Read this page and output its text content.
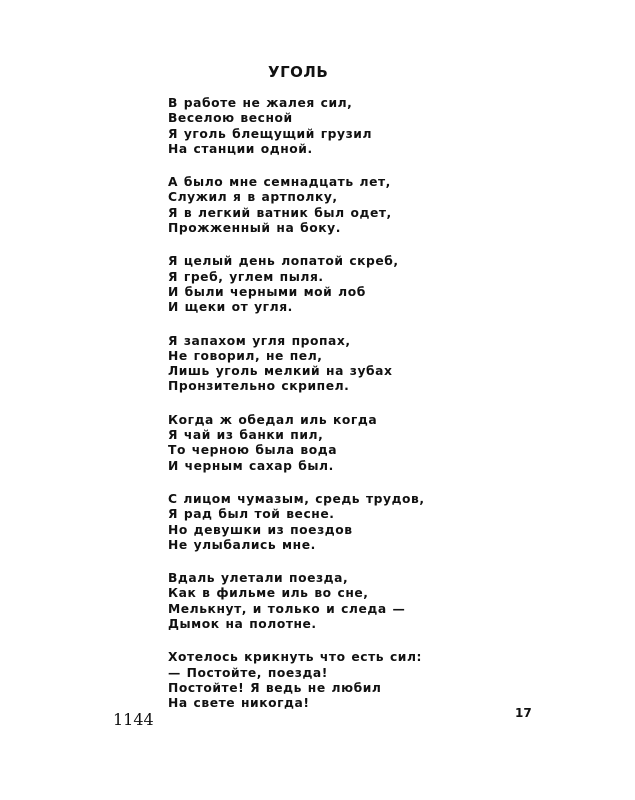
УГОЛЬ
В работе не жалея сил,
Веселою весной
Я уголь блещущий грузил
На станции одной.
А было мне семнадцать лет,
Служил я в артполку,
Я в легкий ватник был одет,
Прожженный на боку.
Я целый день лопатой скреб,
Я греб, углем пыля.
И были черными мой лоб
И щеки от угля.
Я запахом угля пропах,
Не говорил, не пел,
Лишь уголь мелкий на зубах
Пронзительно скрипел.
Когда ж обедал иль когда
Я чай из банки пил,
То черною была вода
И черным сахар был.
С лицом чумазым, средь трудов,
Я рад был той весне.
Но девушки из поездов
Не улыбались мне.
Вдаль улетали поезда,
Как в фильме иль во сне,
Мелькнут, и только и следа —
Дымок на полотне.
Хотелось крикнуть что есть сил:
— Постойте, поезда!
Постойте! Я ведь не любил
На свете никогда!
1144	17
